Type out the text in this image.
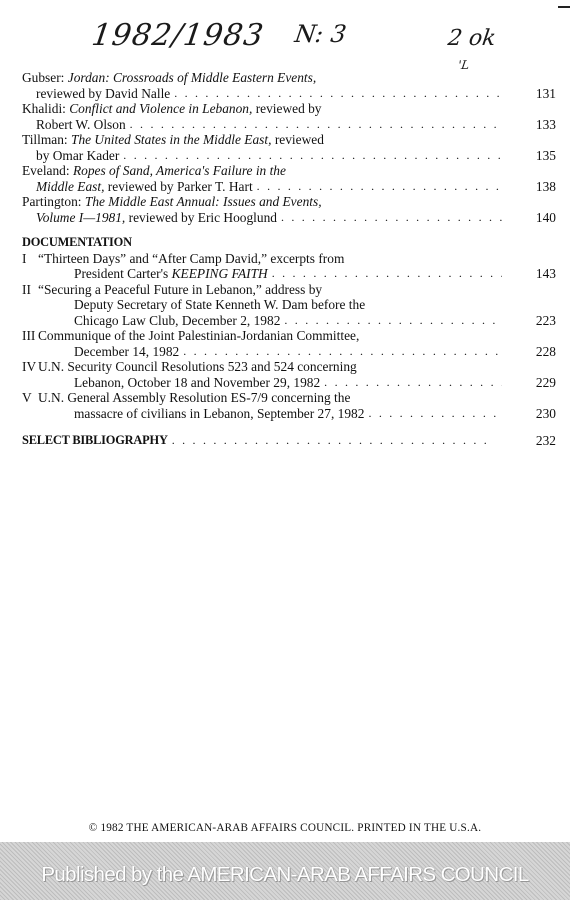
1982/1983 N: 3	2 ok
'L
Gubser: Jordan: Crossroads of Middle Eastern Events,
reviewed by David Nalle . . .	131
Khalidi: Conflict and Violence in Lebanon, reviewed by
Robert W. Olson . . .	133
Tillman: The United States in the Middle East, reviewed
by Omar Kader . . .	135
Eveland: Ropes of Sand, America's Failure in the
Middle East, reviewed by Parker T. Hart . . .	138
Partington: The Middle East Annual: Issues and Events,
Volume I—1981, reviewed by Eric Hooglund . . .	140
DOCUMENTATION
I “Thirteen Days” and “After Camp David,” excerpts from
President Carter's KEEPING FAITH . . .	143
II “Securing a Peaceful Future in Lebanon,” address by
Deputy Secretary of State Kenneth W. Dam before the
Chicago Law Club, December 2, 1982 . . .	223
III Communique of the Joint Palestinian-Jordanian Committee,
December 14, 1982 . . .	228
IV U.N. Security Council Resolutions 523 and 524 concerning
Lebanon, October 18 and November 29, 1982 . . .	229
V U.N. General Assembly Resolution ES-7/9 concerning the
massacre of civilians in Lebanon, September 27, 1982 . . .	230
SELECT BIBLIOGRAPHY . . .	232
© 1982 THE AMERICAN-ARAB AFFAIRS COUNCIL. PRINTED IN THE U.S.A.
Published by the AMERICAN-ARAB AFFAIRS COUNCIL
